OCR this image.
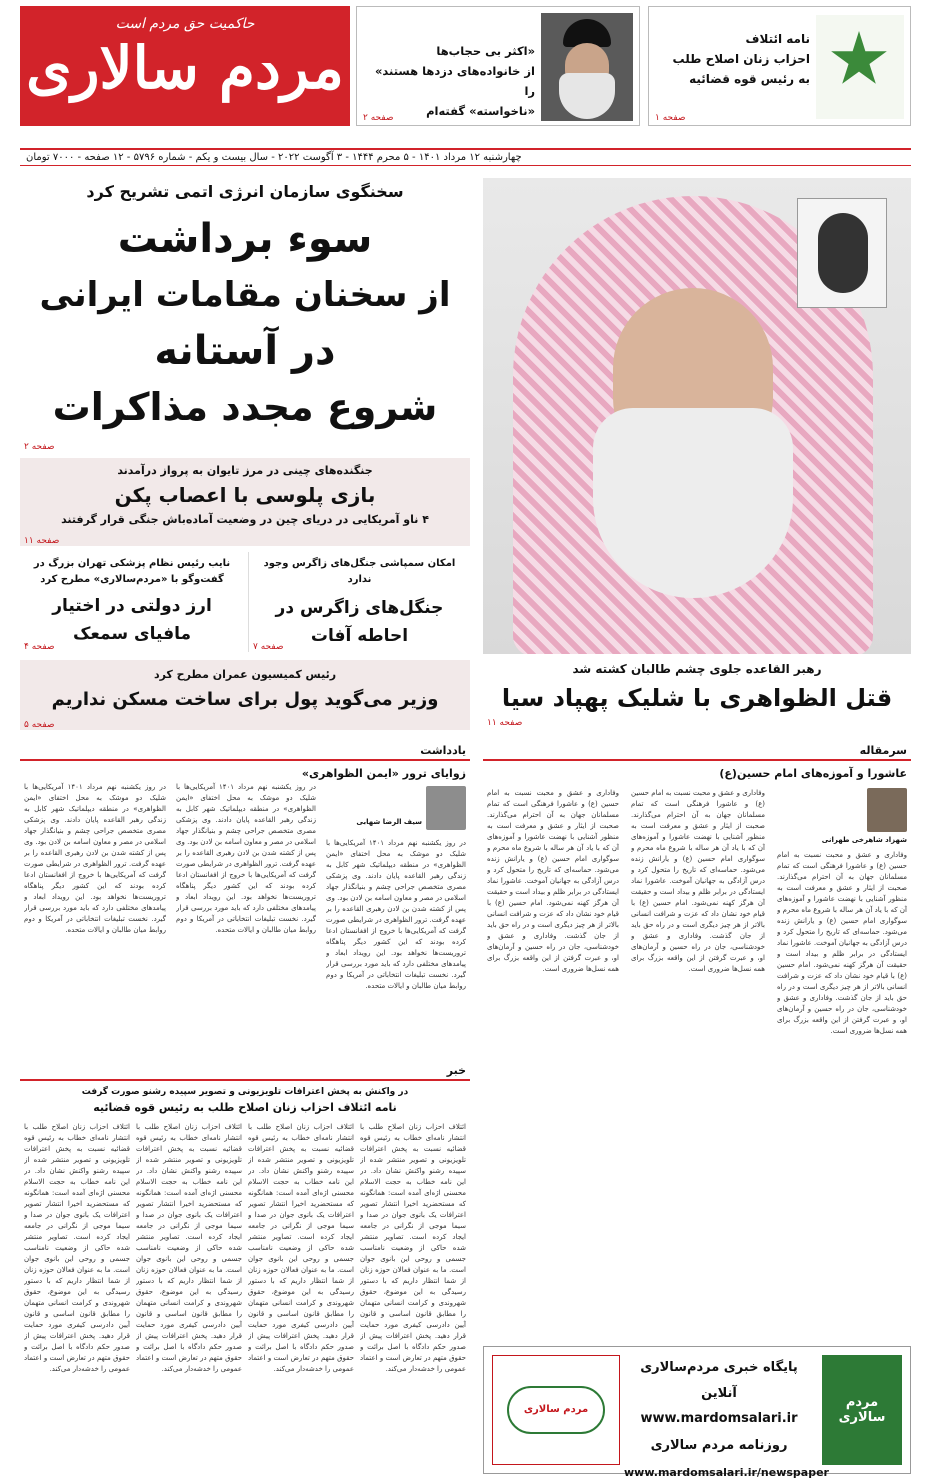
حاکمیت حق مردم است
مردم سالاری	نامه ائتلاف
احزاب زنان اصلاح طلب
به رئیس قوه قضائیه
صفحه ۱
«اکثر بی حجاب‌ها
از خانواده‌های دزدها هستند» را
«ناخواسته» گفته‌ام
صفحه ۲
چهارشنبه ۱۲ مرداد ۱۴۰۱ - ۵ محرم ۱۴۴۴ - ۳ آگوست ۲۰۲۲ - سال بیست و یکم - شماره ۵۷۹۶ - ۱۲ صفحه - ۷۰۰۰ تومان
رهبر القاعده جلوی چشم طالبان کشته شد
قتل الظواهری با شلیک پهپاد سیا
صفحه ۱۱
سخنگوی سازمان انرژی اتمی تشریح کرد
سوء برداشت
از سخنان مقامات ایرانی
در آستانه
شروع مجدد مذاکرات
صفحه ۲
جنگنده‌های چینی در مرز تایوان به پرواز درآمدند
بازی پلوسی با اعصاب پکن
۴ ناو آمریکایی در دریای چین در وضعیت آماده‌باش جنگی قرار گرفتند
صفحه ۱۱
امکان سمپاشی جنگل‌های زاگرس وجود ندارد
جنگل‌های زاگرس در احاطه آفات
صفحه ۷
نایب رئیس نظام پزشکی تهران بزرگ در گفت‌وگو با «مردم‌سالاری» مطرح کرد
ارز دولتی در اختیار مافیای سمعک
صفحه ۴
رئیس کمیسیون عمران مطرح کرد
وزیر می‌گوید پول برای ساخت مسکن نداریم
صفحه ۵
سرمقاله
عاشورا و آموزه‌های امام حسین(ع)
شهزاد شاهرخی طهرانی
وفاداری و عشق و محبت نسبت به امام حسین (ع) و عاشورا فرهنگی است که تمام مسلمانان جهان به آن احترام می‌گذارند. صحبت از ایثار و عشق و معرفت است به منظور آشنایی با نهضت عاشورا و آموزه‌های آن که با یاد آن هر ساله با شروع ماه محرم و سوگواری امام حسین (ع) و یارانش زنده می‌شود. حماسه‌ای که تاریخ را متحول کرد و درس آزادگی به جهانیان آموخت. عاشورا نماد ایستادگی در برابر ظلم و بیداد است و حقیقت آن هرگز کهنه نمی‌شود. امام حسین (ع) با قیام خود نشان داد که عزت و شرافت انسانی بالاتر از هر چیز دیگری است و در راه حق باید از جان گذشت. وفاداری و عشق و خودشناسی، جان در راه حسین و آرمان‌های او، و عبرت گرفتن از این واقعه بزرگ برای همه نسل‌ها ضروری است.
وفاداری و عشق و محبت نسبت به امام حسین (ع) و عاشورا فرهنگی است که تمام مسلمانان جهان به آن احترام می‌گذارند. صحبت از ایثار و عشق و معرفت است به منظور آشنایی با نهضت عاشورا و آموزه‌های آن که با یاد آن هر ساله با شروع ماه محرم و سوگواری امام حسین (ع) و یارانش زنده می‌شود. حماسه‌ای که تاریخ را متحول کرد و درس آزادگی به جهانیان آموخت. عاشورا نماد ایستادگی در برابر ظلم و بیداد است و حقیقت آن هرگز کهنه نمی‌شود. امام حسین (ع) با قیام خود نشان داد که عزت و شرافت انسانی بالاتر از هر چیز دیگری است و در راه حق باید از جان گذشت. وفاداری و عشق و خودشناسی، جان در راه حسین و آرمان‌های او، و عبرت گرفتن از این واقعه بزرگ برای همه نسل‌ها ضروری است.
وفاداری و عشق و محبت نسبت به امام حسین (ع) و عاشورا فرهنگی است که تمام مسلمانان جهان به آن احترام می‌گذارند. صحبت از ایثار و عشق و معرفت است به منظور آشنایی با نهضت عاشورا و آموزه‌های آن که با یاد آن هر ساله با شروع ماه محرم و سوگواری امام حسین (ع) و یارانش زنده می‌شود. حماسه‌ای که تاریخ را متحول کرد و درس آزادگی به جهانیان آموخت. عاشورا نماد ایستادگی در برابر ظلم و بیداد است و حقیقت آن هرگز کهنه نمی‌شود. امام حسین (ع) با قیام خود نشان داد که عزت و شرافت انسانی بالاتر از هر چیز دیگری است و در راه حق باید از جان گذشت. وفاداری و عشق و خودشناسی، جان در راه حسین و آرمان‌های او، و عبرت گرفتن از این واقعه بزرگ برای همه نسل‌ها ضروری است.
یادداشت
زوایای ترور «ایمن الظواهری»
سیف الرضا شهابی
در روز یکشنبه نهم مرداد ۱۴۰۱ آمریکایی‌ها با شلیک دو موشک به محل اختفای «ایمن الظواهری» در منطقه دیپلماتیک شهر کابل به زندگی رهبر القاعده پایان دادند. وی پزشکی مصری متخصص جراحی چشم و بنیانگذار جهاد اسلامی در مصر و معاون اسامه بن لادن بود. وی پس از کشته شدن بن لادن رهبری القاعده را بر عهده گرفت. ترور الظواهری در شرایطی صورت گرفت که آمریکایی‌ها با خروج از افغانستان ادعا کرده بودند که این کشور دیگر پناهگاه تروریست‌ها نخواهد بود. این رویداد ابعاد و پیامدهای مختلفی دارد که باید مورد بررسی قرار گیرد. نخست تبلیغات انتخاباتی در آمریکا و دوم روابط میان طالبان و ایالات متحده.
در روز یکشنبه نهم مرداد ۱۴۰۱ آمریکایی‌ها با شلیک دو موشک به محل اختفای «ایمن الظواهری» در منطقه دیپلماتیک شهر کابل به زندگی رهبر القاعده پایان دادند. وی پزشکی مصری متخصص جراحی چشم و بنیانگذار جهاد اسلامی در مصر و معاون اسامه بن لادن بود. وی پس از کشته شدن بن لادن رهبری القاعده را بر عهده گرفت. ترور الظواهری در شرایطی صورت گرفت که آمریکایی‌ها با خروج از افغانستان ادعا کرده بودند که این کشور دیگر پناهگاه تروریست‌ها نخواهد بود. این رویداد ابعاد و پیامدهای مختلفی دارد که باید مورد بررسی قرار گیرد. نخست تبلیغات انتخاباتی در آمریکا و دوم روابط میان طالبان و ایالات متحده.
در روز یکشنبه نهم مرداد ۱۴۰۱ آمریکایی‌ها با شلیک دو موشک به محل اختفای «ایمن الظواهری» در منطقه دیپلماتیک شهر کابل به زندگی رهبر القاعده پایان دادند. وی پزشکی مصری متخصص جراحی چشم و بنیانگذار جهاد اسلامی در مصر و معاون اسامه بن لادن بود. وی پس از کشته شدن بن لادن رهبری القاعده را بر عهده گرفت. ترور الظواهری در شرایطی صورت گرفت که آمریکایی‌ها با خروج از افغانستان ادعا کرده بودند که این کشور دیگر پناهگاه تروریست‌ها نخواهد بود. این رویداد ابعاد و پیامدهای مختلفی دارد که باید مورد بررسی قرار گیرد. نخست تبلیغات انتخاباتی در آمریکا و دوم روابط میان طالبان و ایالات متحده.
خبر
در واکنش به پخش اعترافات تلویزیونی و تصویر سپیده رشنو صورت گرفت
نامه ائتلاف احزاب زنان اصلاح طلب به رئیس قوه قضائیه
ائتلاف احزاب زنان اصلاح طلب با انتشار نامه‌ای خطاب به رئیس قوه قضائیه نسبت به پخش اعترافات تلویزیونی و تصویر منتشر شده از سپیده رشنو واکنش نشان داد. در این نامه خطاب به حجت الاسلام محسنی اژه‌ای آمده است: همانگونه که مستحضرید اخیرا انتشار تصویر اعترافات یک بانوی جوان در صدا و سیما موجی از نگرانی در جامعه ایجاد کرده است. تصاویر منتشر شده حاکی از وضعیت نامناسب جسمی و روحی این بانوی جوان است. ما به عنوان فعالان حوزه زنان از شما انتظار داریم که با دستور رسیدگی به این موضوع، حقوق شهروندی و کرامت انسانی متهمان را مطابق قانون اساسی و قانون آیین دادرسی کیفری مورد حمایت قرار دهید. پخش اعترافات پیش از صدور حکم دادگاه با اصل برائت و حقوق متهم در تعارض است و اعتماد عمومی را خدشه‌دار می‌کند.
ائتلاف احزاب زنان اصلاح طلب با انتشار نامه‌ای خطاب به رئیس قوه قضائیه نسبت به پخش اعترافات تلویزیونی و تصویر منتشر شده از سپیده رشنو واکنش نشان داد. در این نامه خطاب به حجت الاسلام محسنی اژه‌ای آمده است: همانگونه که مستحضرید اخیرا انتشار تصویر اعترافات یک بانوی جوان در صدا و سیما موجی از نگرانی در جامعه ایجاد کرده است. تصاویر منتشر شده حاکی از وضعیت نامناسب جسمی و روحی این بانوی جوان است. ما به عنوان فعالان حوزه زنان از شما انتظار داریم که با دستور رسیدگی به این موضوع، حقوق شهروندی و کرامت انسانی متهمان را مطابق قانون اساسی و قانون آیین دادرسی کیفری مورد حمایت قرار دهید. پخش اعترافات پیش از صدور حکم دادگاه با اصل برائت و حقوق متهم در تعارض است و اعتماد عمومی را خدشه‌دار می‌کند.
ائتلاف احزاب زنان اصلاح طلب با انتشار نامه‌ای خطاب به رئیس قوه قضائیه نسبت به پخش اعترافات تلویزیونی و تصویر منتشر شده از سپیده رشنو واکنش نشان داد. در این نامه خطاب به حجت الاسلام محسنی اژه‌ای آمده است: همانگونه که مستحضرید اخیرا انتشار تصویر اعترافات یک بانوی جوان در صدا و سیما موجی از نگرانی در جامعه ایجاد کرده است. تصاویر منتشر شده حاکی از وضعیت نامناسب جسمی و روحی این بانوی جوان است. ما به عنوان فعالان حوزه زنان از شما انتظار داریم که با دستور رسیدگی به این موضوع، حقوق شهروندی و کرامت انسانی متهمان را مطابق قانون اساسی و قانون آیین دادرسی کیفری مورد حمایت قرار دهید. پخش اعترافات پیش از صدور حکم دادگاه با اصل برائت و حقوق متهم در تعارض است و اعتماد عمومی را خدشه‌دار می‌کند.
ائتلاف احزاب زنان اصلاح طلب با انتشار نامه‌ای خطاب به رئیس قوه قضائیه نسبت به پخش اعترافات تلویزیونی و تصویر منتشر شده از سپیده رشنو واکنش نشان داد. در این نامه خطاب به حجت الاسلام محسنی اژه‌ای آمده است: همانگونه که مستحضرید اخیرا انتشار تصویر اعترافات یک بانوی جوان در صدا و سیما موجی از نگرانی در جامعه ایجاد کرده است. تصاویر منتشر شده حاکی از وضعیت نامناسب جسمی و روحی این بانوی جوان است. ما به عنوان فعالان حوزه زنان از شما انتظار داریم که با دستور رسیدگی به این موضوع، حقوق شهروندی و کرامت انسانی متهمان را مطابق قانون اساسی و قانون آیین دادرسی کیفری مورد حمایت قرار دهید. پخش اعترافات پیش از صدور حکم دادگاه با اصل برائت و حقوق متهم در تعارض است و اعتماد عمومی را خدشه‌دار می‌کند.
مردم سالاری
مردم سالاری
پایگاه خبری مردم‌سالاری آنلاین
www.mardomsalari.ir
روزنامه مردم سالاری
www.mardomsalari.ir/newspaper
